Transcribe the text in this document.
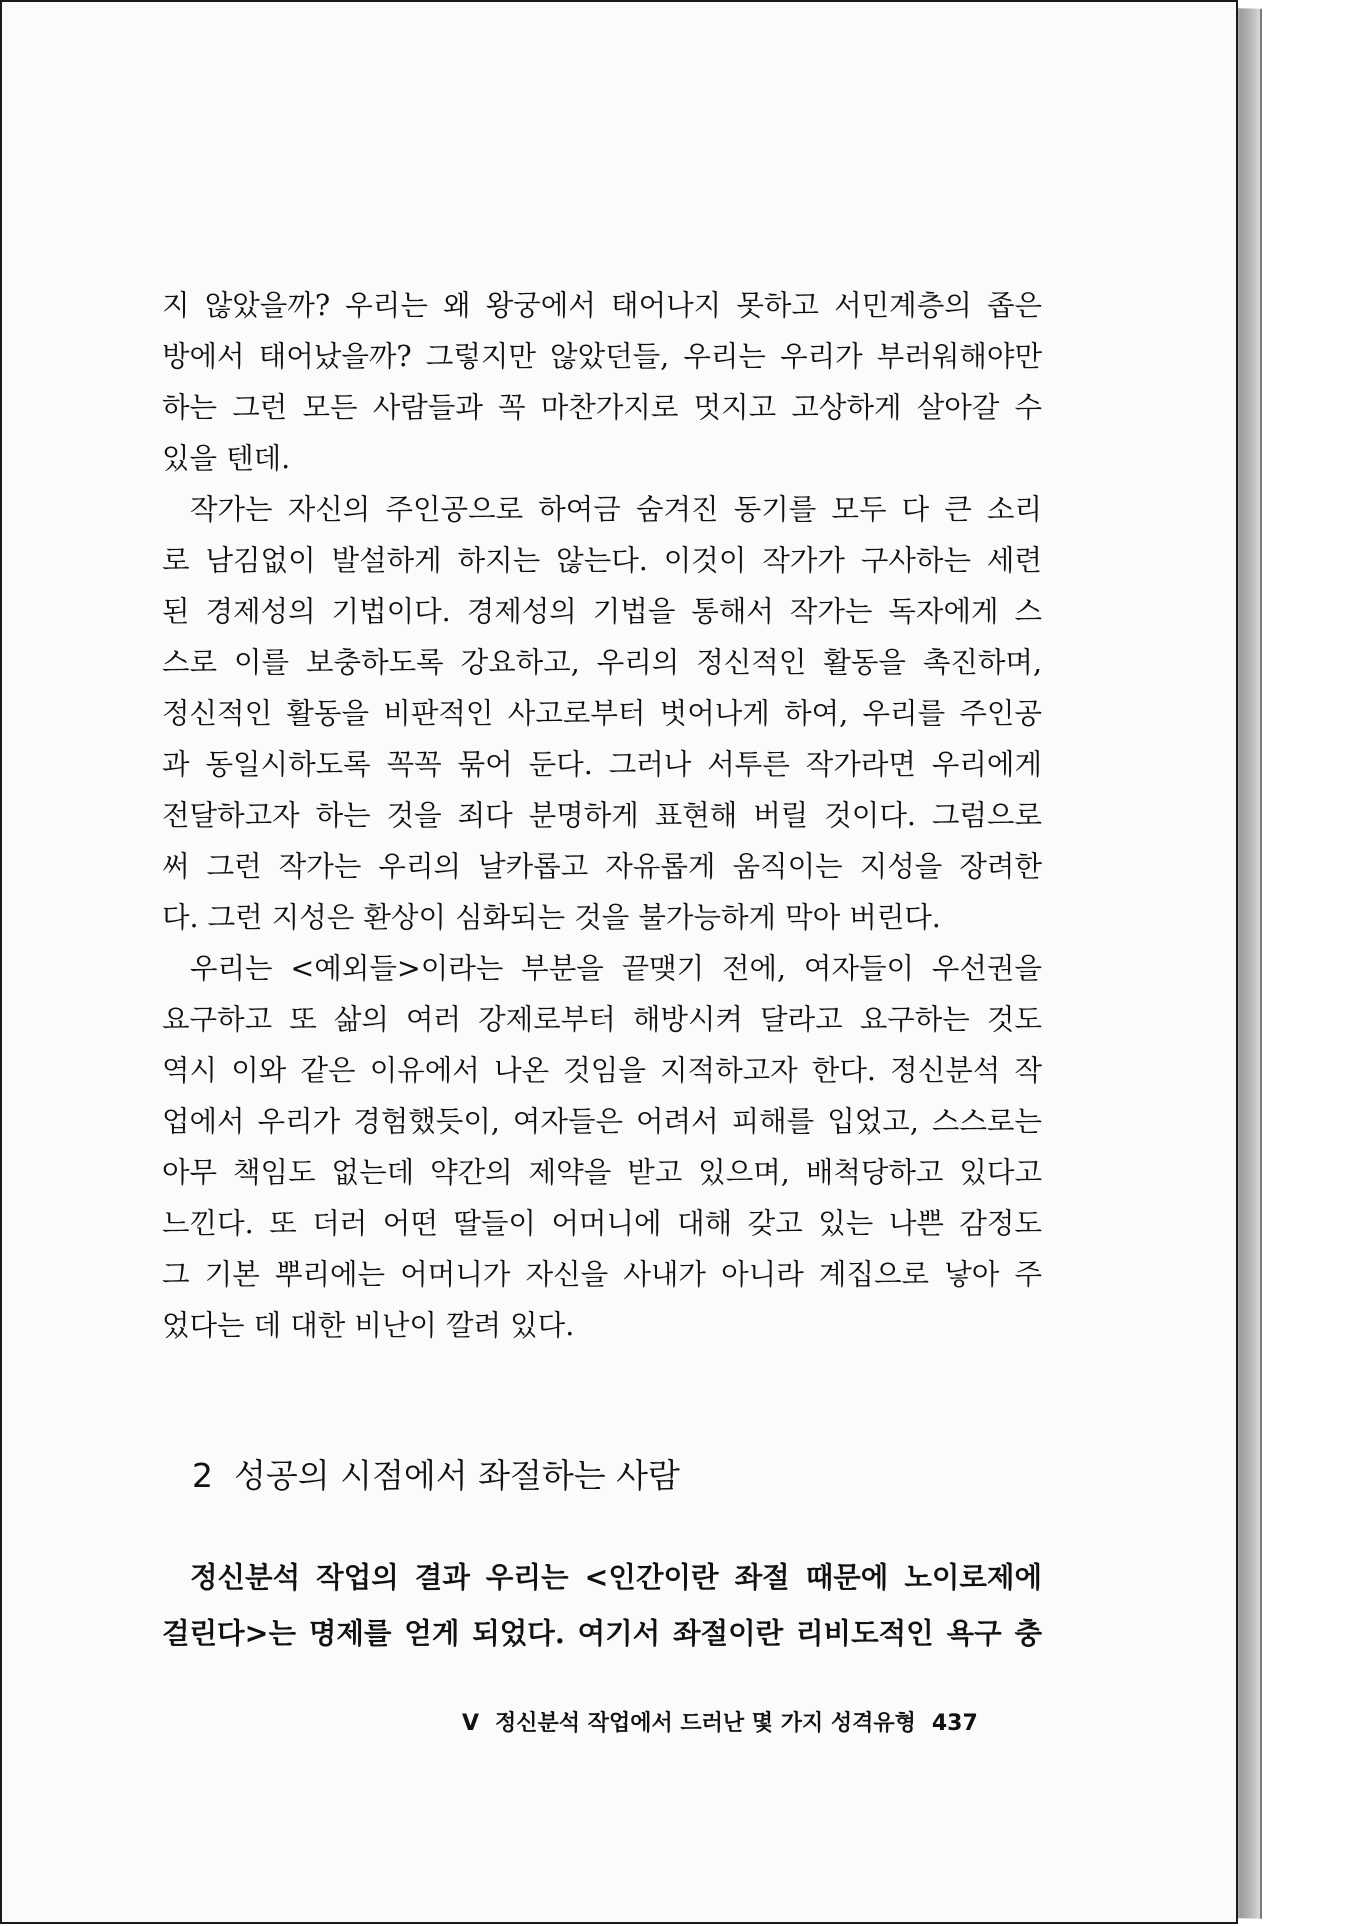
지 않았을까? 우리는 왜 왕궁에서 태어나지 못하고 서민계층의 좁은
방에서 태어났을까? 그렇지만 않았던들, 우리는 우리가 부러워해야만
하는 그런 모든 사람들과 꼭 마찬가지로 멋지고 고상하게 살아갈 수
있을 텐데.
작가는 자신의 주인공으로 하여금 숨겨진 동기를 모두 다 큰 소리
로 남김없이 발설하게 하지는 않는다. 이것이 작가가 구사하는 세련
된 경제성의 기법이다. 경제성의 기법을 통해서 작가는 독자에게 스
스로 이를 보충하도록 강요하고, 우리의 정신적인 활동을 촉진하며,
정신적인 활동을 비판적인 사고로부터 벗어나게 하여, 우리를 주인공
과 동일시하도록 꼭꼭 묶어 둔다. 그러나 서투른 작가라면 우리에게
전달하고자 하는 것을 죄다 분명하게 표현해 버릴 것이다. 그럼으로
써 그런 작가는 우리의 날카롭고 자유롭게 움직이는 지성을 장려한
다. 그런 지성은 환상이 심화되는 것을 불가능하게 막아 버린다.
우리는 <예외들>이라는 부분을 끝맺기 전에, 여자들이 우선권을
요구하고 또 삶의 여러 강제로부터 해방시켜 달라고 요구하는 것도
역시 이와 같은 이유에서 나온 것임을 지적하고자 한다. 정신분석 작
업에서 우리가 경험했듯이, 여자들은 어려서 피해를 입었고, 스스로는
아무 책임도 없는데 약간의 제약을 받고 있으며, 배척당하고 있다고
느낀다. 또 더러 어떤 딸들이 어머니에 대해 갖고 있는 나쁜 감정도
그 기본 뿌리에는 어머니가 자신을 사내가 아니라 계집으로 낳아 주
었다는 데 대한 비난이 깔려 있다.
2 성공의 시점에서 좌절하는 사람
정신분석 작업의 결과 우리는 <인간이란 좌절 때문에 노이로제에
걸린다>는 명제를 얻게 되었다. 여기서 좌절이란 리비도적인 욕구 충
V 정신분석 작업에서 드러난 몇 가지 성격유형 437
